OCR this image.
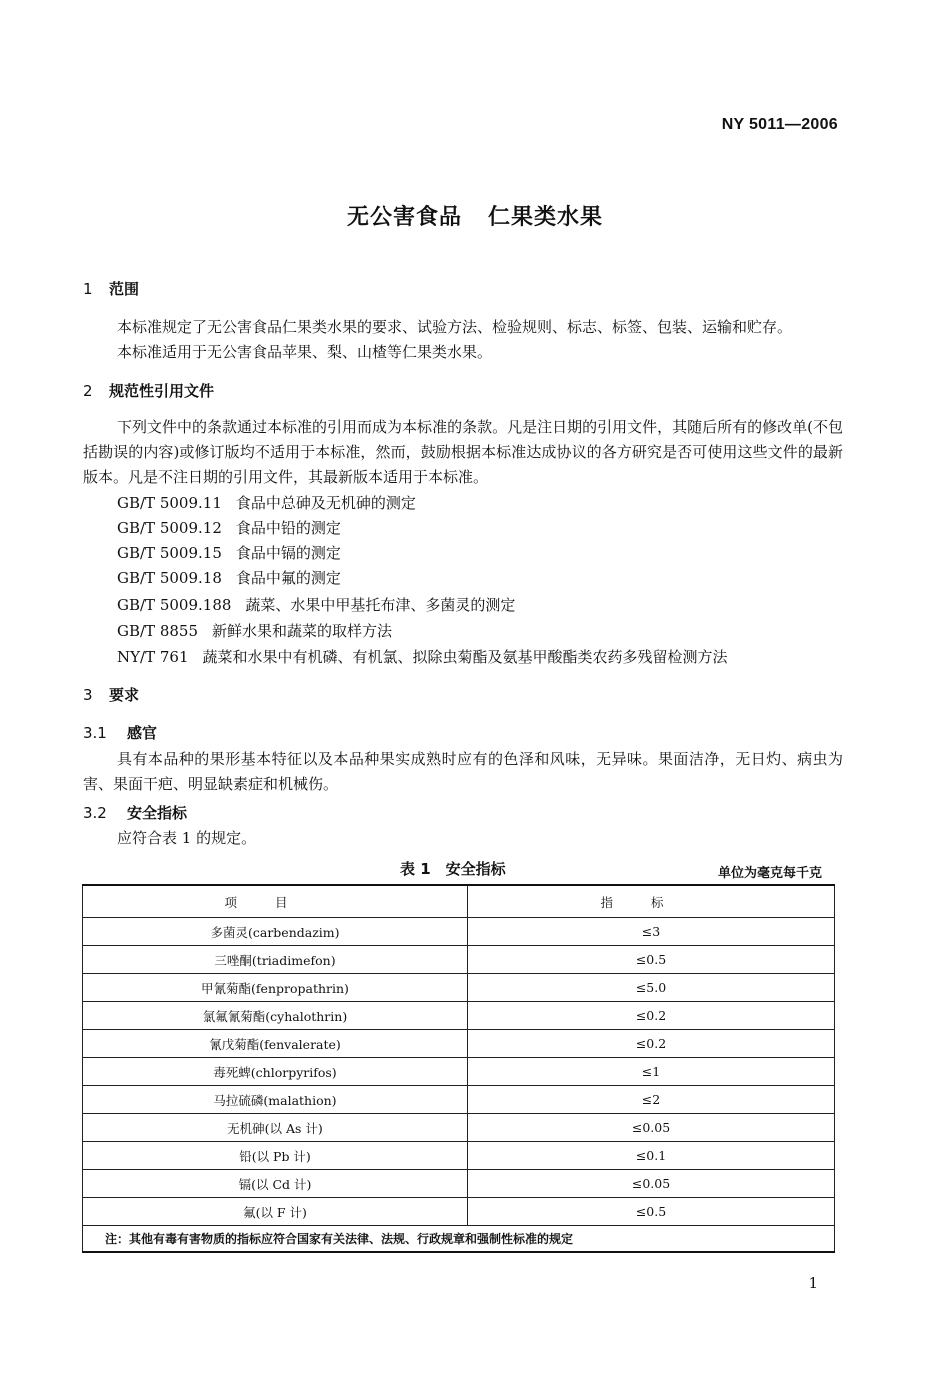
NY 5011—2006
无公害食品 仁果类水果
1 范围
本标准规定了无公害食品仁果类水果的要求、试验方法、检验规则、标志、标签、包装、运输和贮存。
本标准适用于无公害食品苹果、梨、山楂等仁果类水果。
2 规范性引用文件
下列文件中的条款通过本标准的引用而成为本标准的条款。凡是注日期的引用文件，其随后所有的修改单(不包括勘误的内容)或修订版均不适用于本标准，然而，鼓励根据本标准达成协议的各方研究是否可使用这些文件的最新版本。凡是不注日期的引用文件，其最新版本适用于本标准。
GB/T 5009.11 食品中总砷及无机砷的测定
GB/T 5009.12 食品中铅的测定
GB/T 5009.15 食品中镉的测定
GB/T 5009.18 食品中氟的测定
GB/T 5009.188 蔬菜、水果中甲基托布津、多菌灵的测定
GB/T 8855 新鲜水果和蔬菜的取样方法
NY/T 761 蔬菜和水果中有机磷、有机氯、拟除虫菊酯及氨基甲酸酯类农药多残留检测方法
3 要求
3.1 感官
具有本品种的果形基本特征以及本品种果实成熟时应有的色泽和风味，无异味。果面洁净，无日灼、病虫为害、果面干疤、明显缺素症和机械伤。
3.2 安全指标
应符合表 1 的规定。
表 1　安全指标	单位为毫克每千克
项目	指标
多菌灵(carbendazim)	≤3
三唑酮(triadimefon)	≤0.5
甲氰菊酯(fenpropathrin)	≤5.0
氯氟氰菊酯(cyhalothrin)	≤0.2
氰戊菊酯(fenvalerate)	≤0.2
毒死蜱(chlorpyrifos)	≤1
马拉硫磷(malathion)	≤2
无机砷(以 As 计)	≤0.05
铅(以 Pb 计)	≤0.1
镉(以 Cd 计)	≤0.05
氟(以 F 计)	≤0.5
注：其他有毒有害物质的指标应符合国家有关法律、法规、行政规章和强制性标准的规定	
1
